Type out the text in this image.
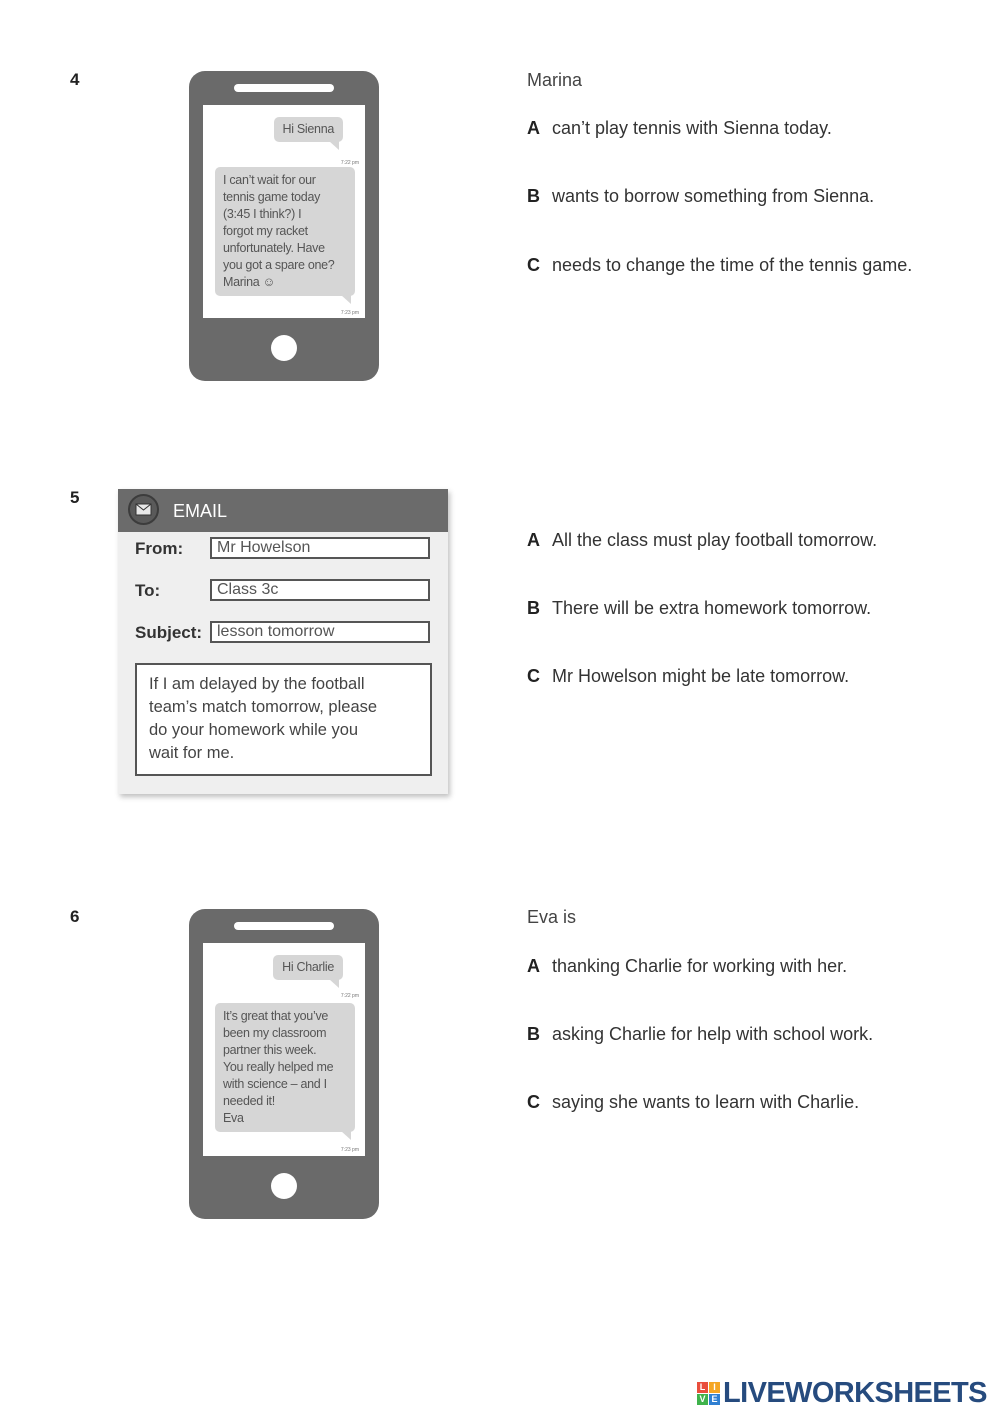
4
Hi Sienna
7:22 pm
I can’t wait for our
tennis game today
(3:45 I think?) I
forgot my racket
unfortunately. Have
you got a spare one?
Marina ☺
7:23 pm
Marina
A can’t play tennis with Sienna today.
B wants to borrow something from Sienna.
C needs to change the time of the tennis game.
5
EMAIL
From:	Mr Howelson
To:	Class 3c
Subject: lesson tomorrow
If I am delayed by the football
team’s match tomorrow, please
do your homework while you
wait for me.
A All the class must play football tomorrow.
B There will be extra homework tomorrow.
C Mr Howelson might be late tomorrow.
6
Hi Charlie
7:22 pm
It’s great that you’ve
been my classroom
partner this week.
You really helped me
with science – and I
needed it!
Eva
7:23 pm
Eva is
A thanking Charlie for working with her.
B asking Charlie for help with school work.
C saying she wants to learn with Charlie.
L I
V E LIVEWORKSHEETS
